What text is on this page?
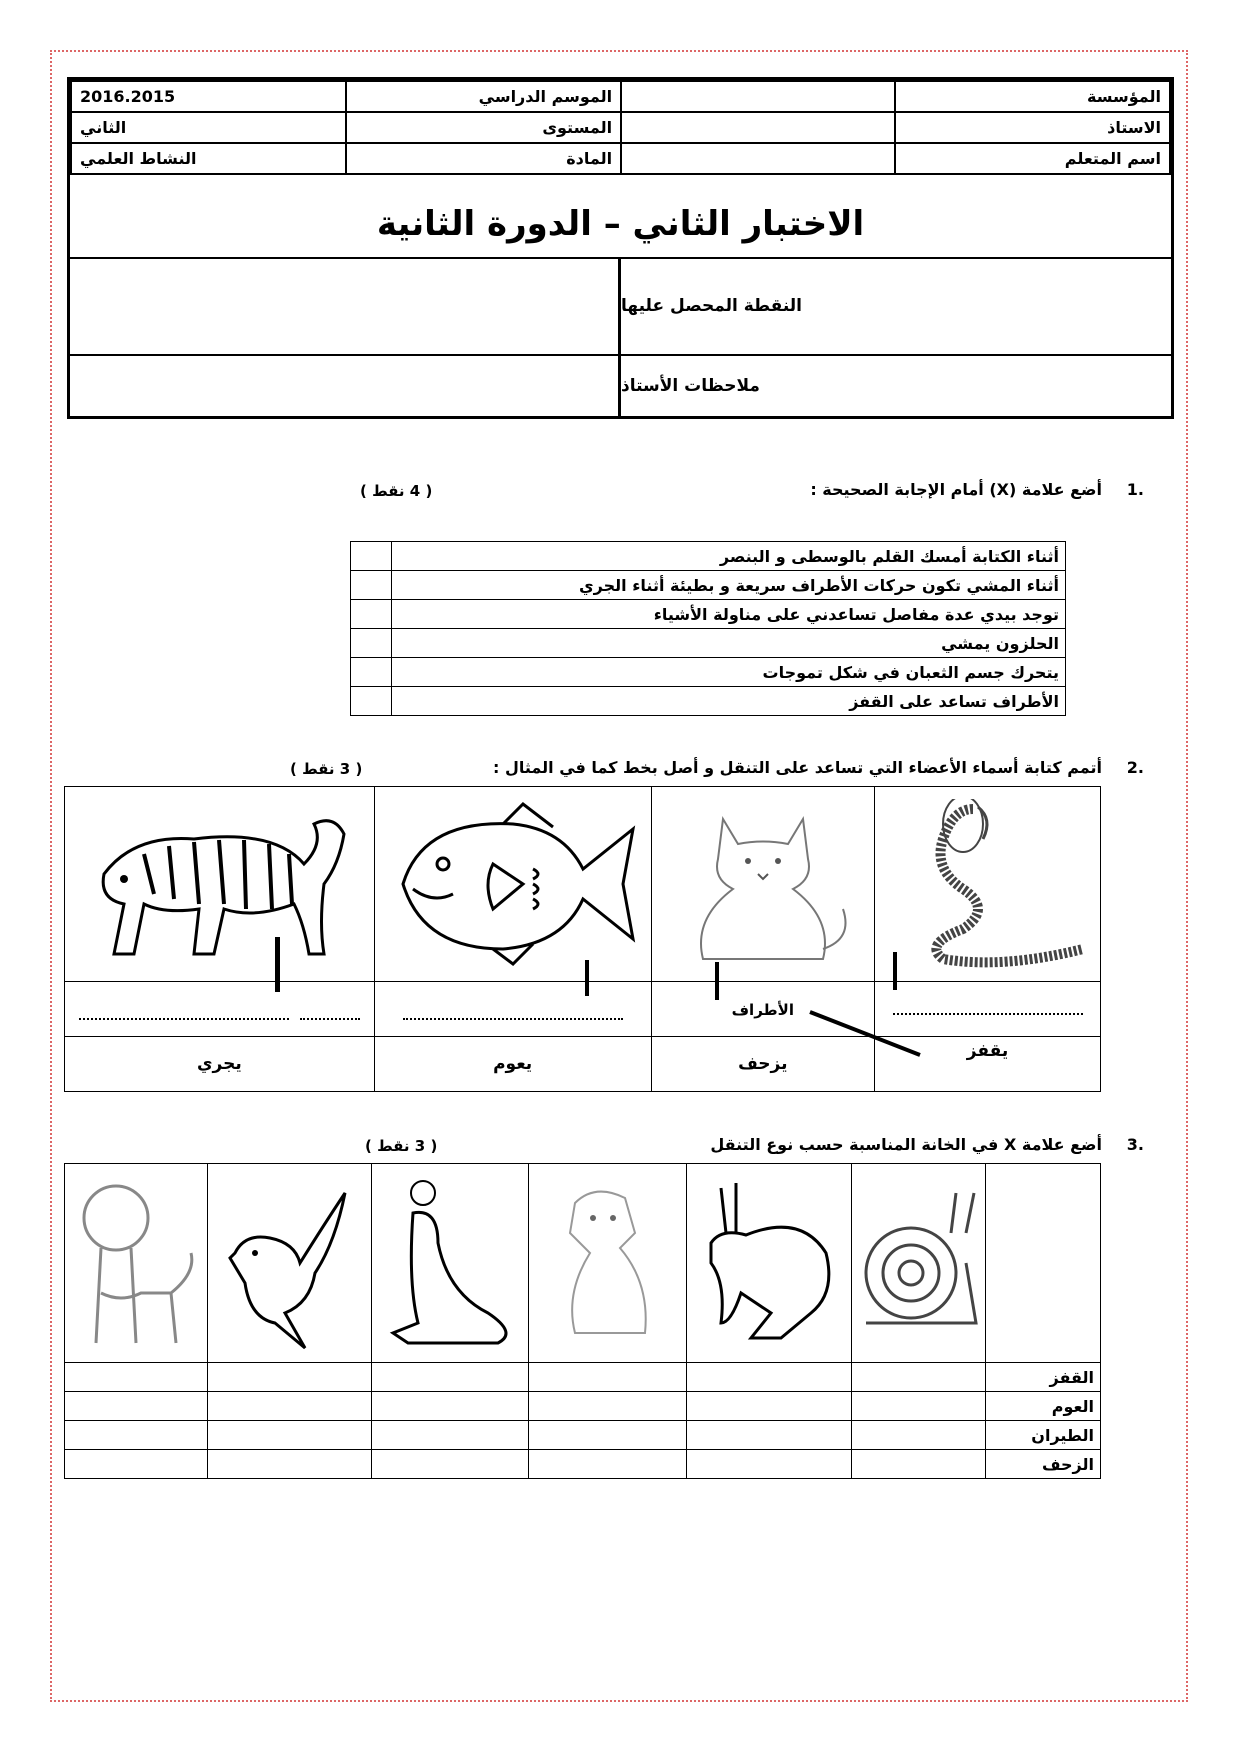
2016.2015	الموسم الدراسي		المؤسسة
الثاني	المستوى		الاستاذ
النشاط العلمي	المادة		اسم المتعلم
الاختبار الثاني – الدورة الثانية
النقطة المحصل عليها
ملاحظات الأستاذ
.1
أضع علامة (X) أمام الإجابة الصحيحة :
( 4 نقط )
	أثناء الكتابة أمسك القلم بالوسطى و البنصر
	أثناء المشي تكون حركات الأطراف سريعة و بطيئة أثناء الجري
	توجد بيدي عدة مفاصل تساعدني على مناولة الأشياء
	الحلزون يمشي
	يتحرك جسم الثعبان في شكل تموجات
	الأطراف تساعد على القفز
.2
أتمم كتابة أسماء الأعضاء التي تساعد على التنقل و أصل بخط كما في المثال :
( 3 نقط )

الأطراف	

يجري	يعوم	يزحف	يقفز
.3
أضع علامة X في الخانة المناسبة حسب نوع التنقل
( 3 نقط )

						القفز
						العوم
						الطيران
						الزحف
